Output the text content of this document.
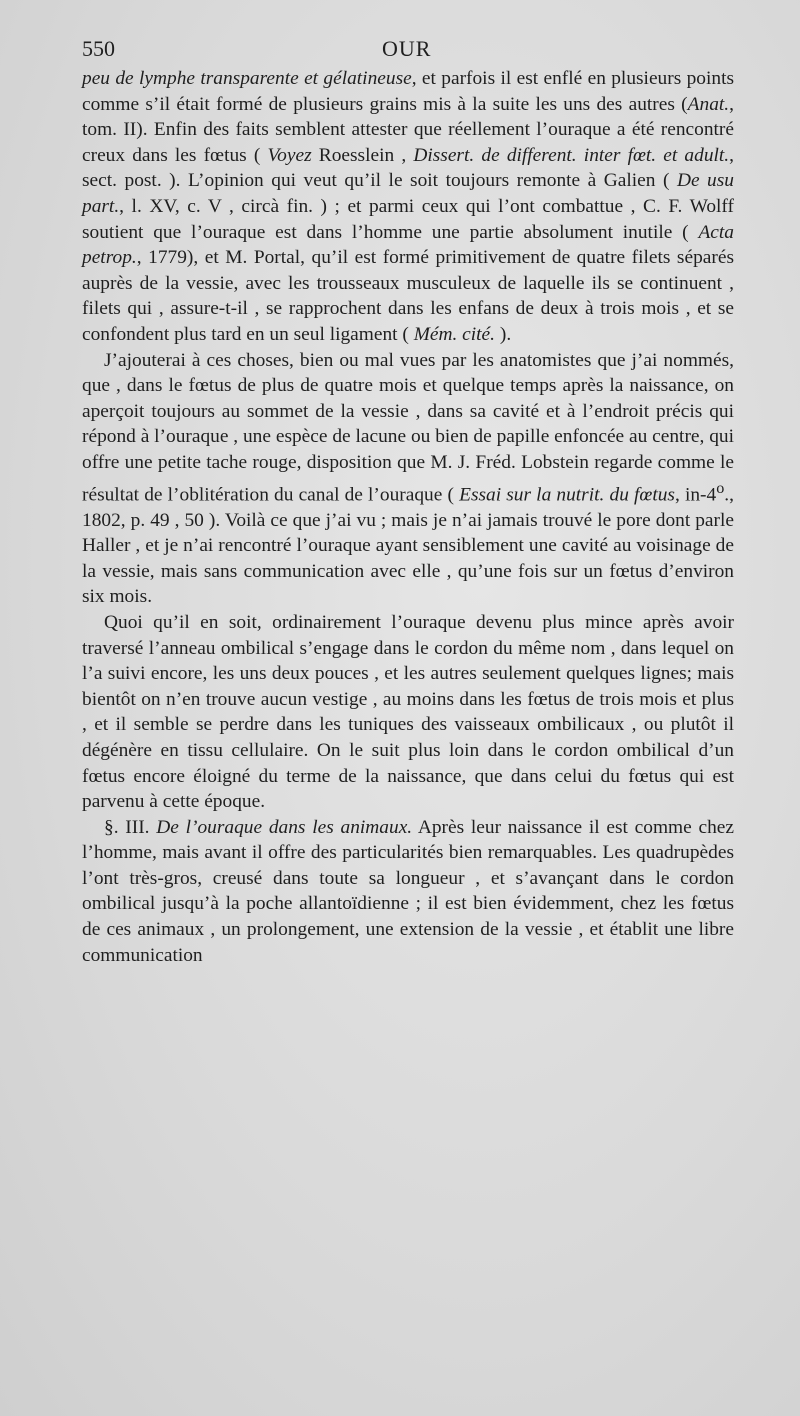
550	OUR

peu de lymphe transparente et gélatineuse, et parfois il est enflé en plusieurs points comme s’il était formé de plusieurs grains mis à la suite les uns des autres (Anat., tom. II). Enfin des faits semblent attester que réellement l’ouraque a été rencontré creux dans les fœtus ( Voyez Roesslein , Dissert. de different. inter fœt. et adult., sect. post. ). L’opinion qui veut qu’il le soit toujours remonte à Galien ( De usu part., l. XV, c. V , circà fin. ) ; et parmi ceux qui l’ont combattue , C. F. Wolff soutient que l’ouraque est dans l’homme une partie absolument inutile ( Acta petrop., 1779), et M. Portal, qu’il est formé primitivement de quatre filets séparés auprès de la vessie, avec les trousseaux musculeux de laquelle ils se continuent , filets qui , assure-t-il , se rapprochent dans les enfans de deux à trois mois , et se confondent plus tard en un seul ligament ( Mém. cité. ).

J’ajouterai à ces choses, bien ou mal vues par les anatomistes que j’ai nommés, que , dans le fœtus de plus de quatre mois et quelque temps après la naissance, on aperçoit toujours au sommet de la vessie , dans sa cavité et à l’endroit précis qui répond à l’ouraque , une espèce de lacune ou bien de papille enfoncée au centre, qui offre une petite tache rouge, disposition que M. J. Fréd. Lobstein regarde comme le résultat de l’oblitération du canal de l’ouraque ( Essai sur la nutrit. du fœtus, in-4$^o$., 1802, p. 49 , 50 ). Voilà ce que j’ai vu ; mais je n’ai jamais trouvé le pore dont parle Haller , et je n’ai rencontré l’ouraque ayant sensiblement une cavité au voisinage de la vessie, mais sans communication avec elle , qu’une fois sur un fœtus d’environ six mois.

Quoi qu’il en soit, ordinairement l’ouraque devenu plus mince après avoir traversé l’anneau ombilical s’engage dans le cordon du même nom , dans lequel on l’a suivi encore, les uns deux pouces , et les autres seulement quelques lignes; mais bientôt on n’en trouve aucun vestige , au moins dans les fœtus de trois mois et plus , et il semble se perdre dans les tuniques des vaisseaux ombilicaux , ou plutôt il dégénère en tissu cellulaire. On le suit plus loin dans le cordon ombilical d’un fœtus encore éloigné du terme de la naissance, que dans celui du fœtus qui est parvenu à cette époque.

§. III. De l’ouraque dans les animaux. Après leur naissance il est comme chez l’homme, mais avant il offre des particularités bien remarquables. Les quadrupèdes l’ont très-gros, creusé dans toute sa longueur , et s’avançant dans le cordon ombilical jusqu’à la poche allantoïdienne ; il est bien évidemment, chez les fœtus de ces animaux , un prolongement, une extension de la vessie , et établit une libre communication
